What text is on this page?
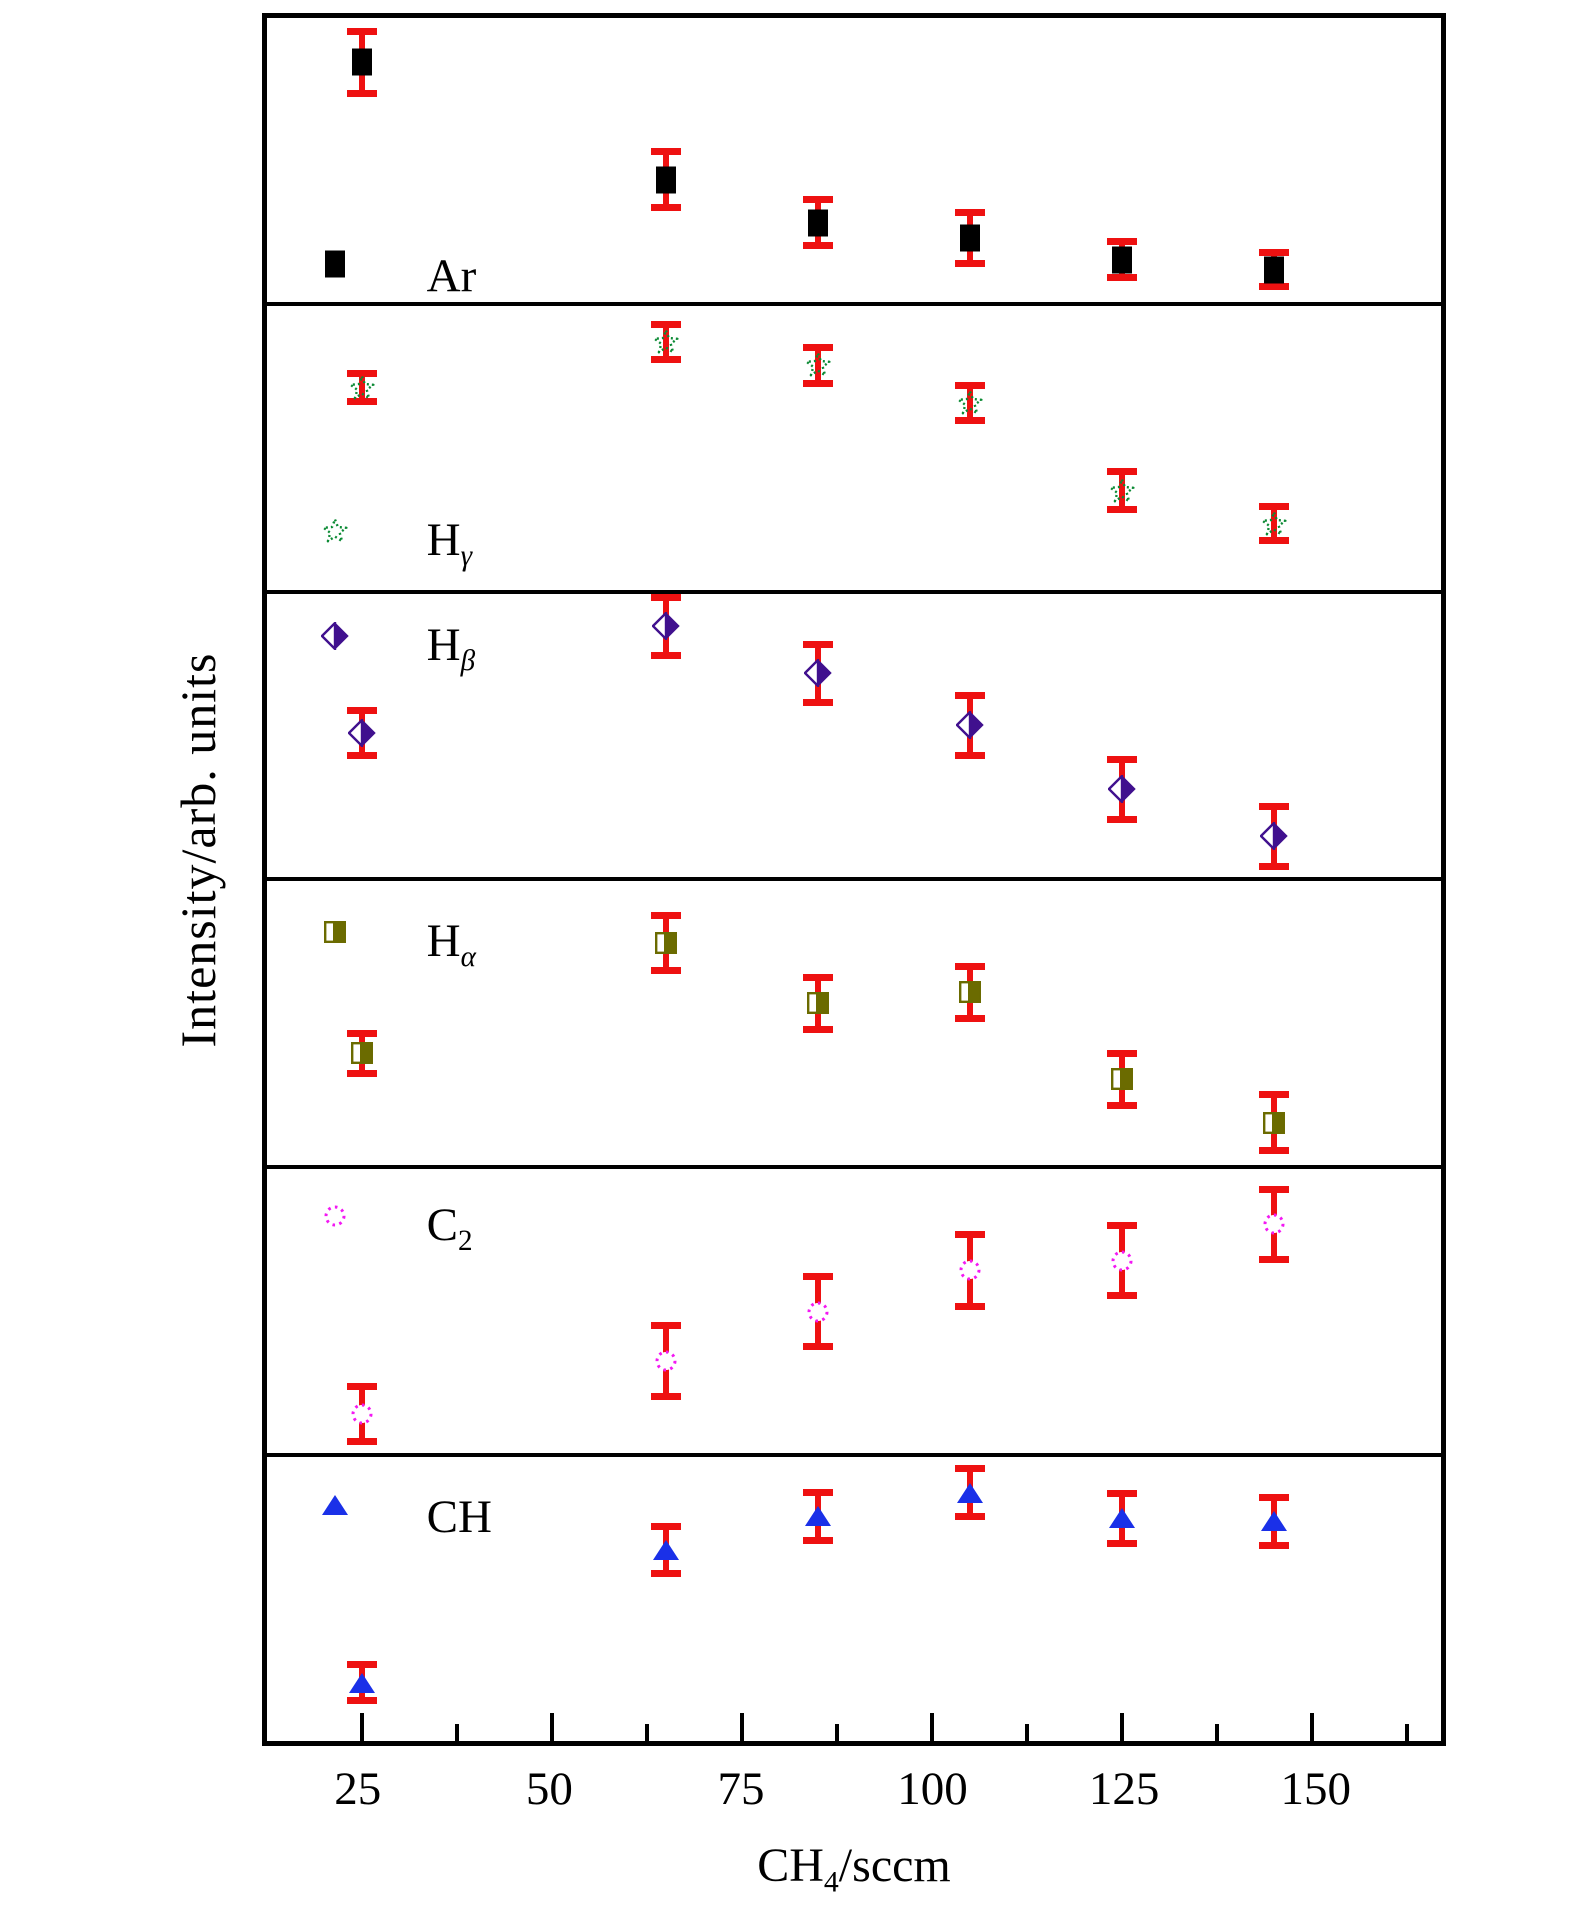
Intensity/arb. units
Ar
$H_\gamma$
$H_\beta$
$H_\alpha$
$C_2$
CH
25	50	75	100	125	150
$CH_4$/sccm
